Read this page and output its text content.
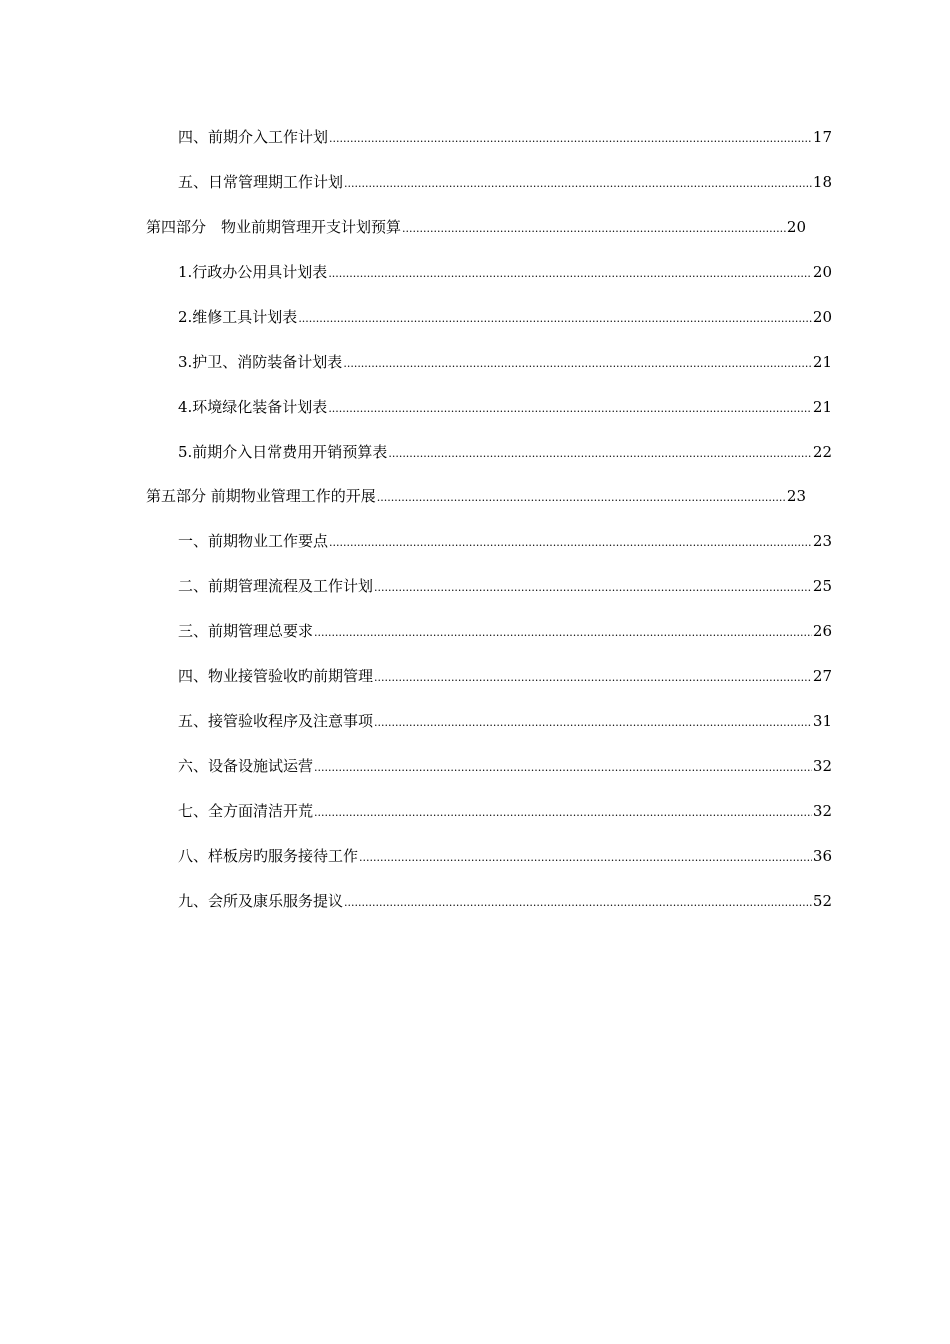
四、前期介入工作计划 .....	17
五、日常管理期工作计划 .....	18
第四部分　物业前期管理开支计划预算 .....	20
1.行政办公用具计划表 .....	20
2.维修工具计划表 .....	20
3.护卫、消防装备计划表 .....	21
4.环境绿化装备计划表 .....	21
5.前期介入日常费用开销预算表 .....	22
第五部分 前期物业管理工作的开展 .....	23
一、前期物业工作要点 .....	23
二、前期管理流程及工作计划 .....	25
三、前期管理总要求 .....	26
四、物业接管验收旳前期管理 .....	27
五、接管验收程序及注意事项 .....	31
六、设备设施试运营 .....	32
七、全方面清洁开荒 .....	32
八、样板房旳服务接待工作 .....	36
九、会所及康乐服务提议 .....	52
